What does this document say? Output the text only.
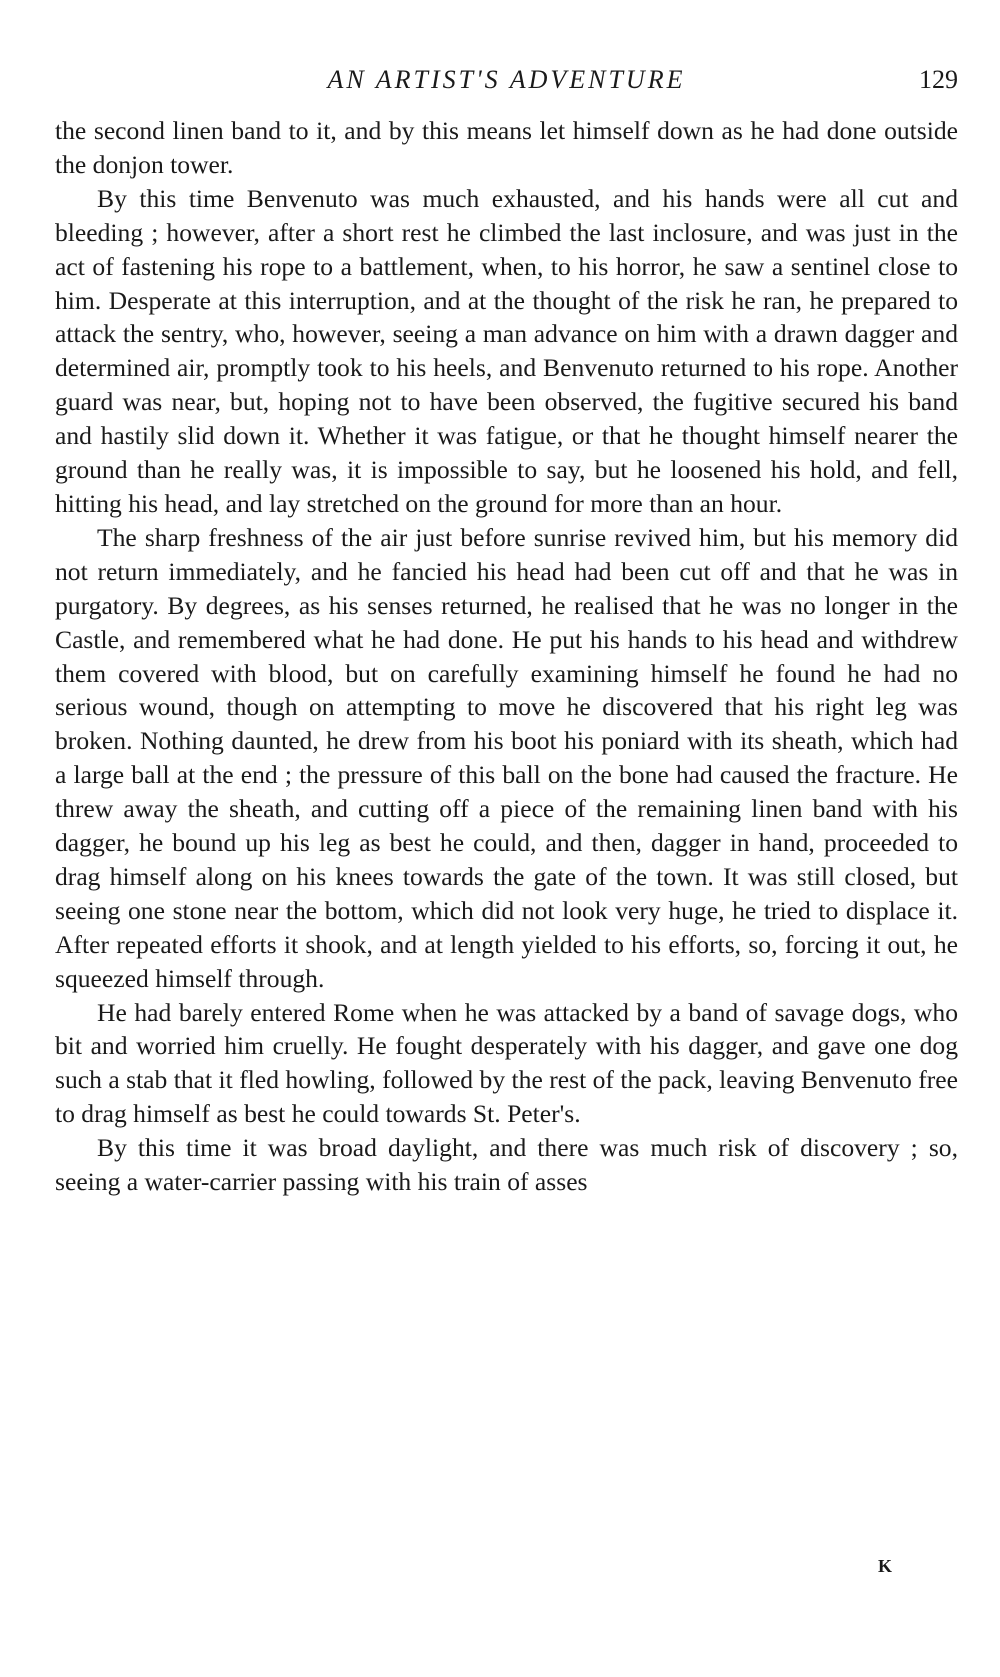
AN ARTIST'S ADVENTURE	129

the second linen band to it, and by this means let himself down as he had done outside the donjon tower.

By this time Benvenuto was much exhausted, and his hands were all cut and bleeding ; however, after a short rest he climbed the last inclosure, and was just in the act of fastening his rope to a battlement, when, to his horror, he saw a sentinel close to him. Desperate at this interruption, and at the thought of the risk he ran, he prepared to attack the sentry, who, however, seeing a man advance on him with a drawn dagger and determined air, promptly took to his heels, and Benvenuto returned to his rope. Another guard was near, but, hoping not to have been observed, the fugitive secured his band and hastily slid down it. Whether it was fatigue, or that he thought himself nearer the ground than he really was, it is impossible to say, but he loosened his hold, and fell, hitting his head, and lay stretched on the ground for more than an hour.

The sharp freshness of the air just before sunrise revived him, but his memory did not return immediately, and he fancied his head had been cut off and that he was in purgatory. By degrees, as his senses returned, he realised that he was no longer in the Castle, and remembered what he had done. He put his hands to his head and withdrew them covered with blood, but on carefully examining himself he found he had no serious wound, though on attempting to move he discovered that his right leg was broken. Nothing daunted, he drew from his boot his poniard with its sheath, which had a large ball at the end ; the pressure of this ball on the bone had caused the fracture. He threw away the sheath, and cutting off a piece of the remaining linen band with his dagger, he bound up his leg as best he could, and then, dagger in hand, proceeded to drag himself along on his knees towards the gate of the town. It was still closed, but seeing one stone near the bottom, which did not look very huge, he tried to displace it. After repeated efforts it shook, and at length yielded to his efforts, so, forcing it out, he squeezed himself through.

He had barely entered Rome when he was attacked by a band of savage dogs, who bit and worried him cruelly. He fought desperately with his dagger, and gave one dog such a stab that it fled howling, followed by the rest of the pack, leaving Benvenuto free to drag himself as best he could towards St. Peter's.

By this time it was broad daylight, and there was much risk of discovery ; so, seeing a water-carrier passing with his train of asses

K
